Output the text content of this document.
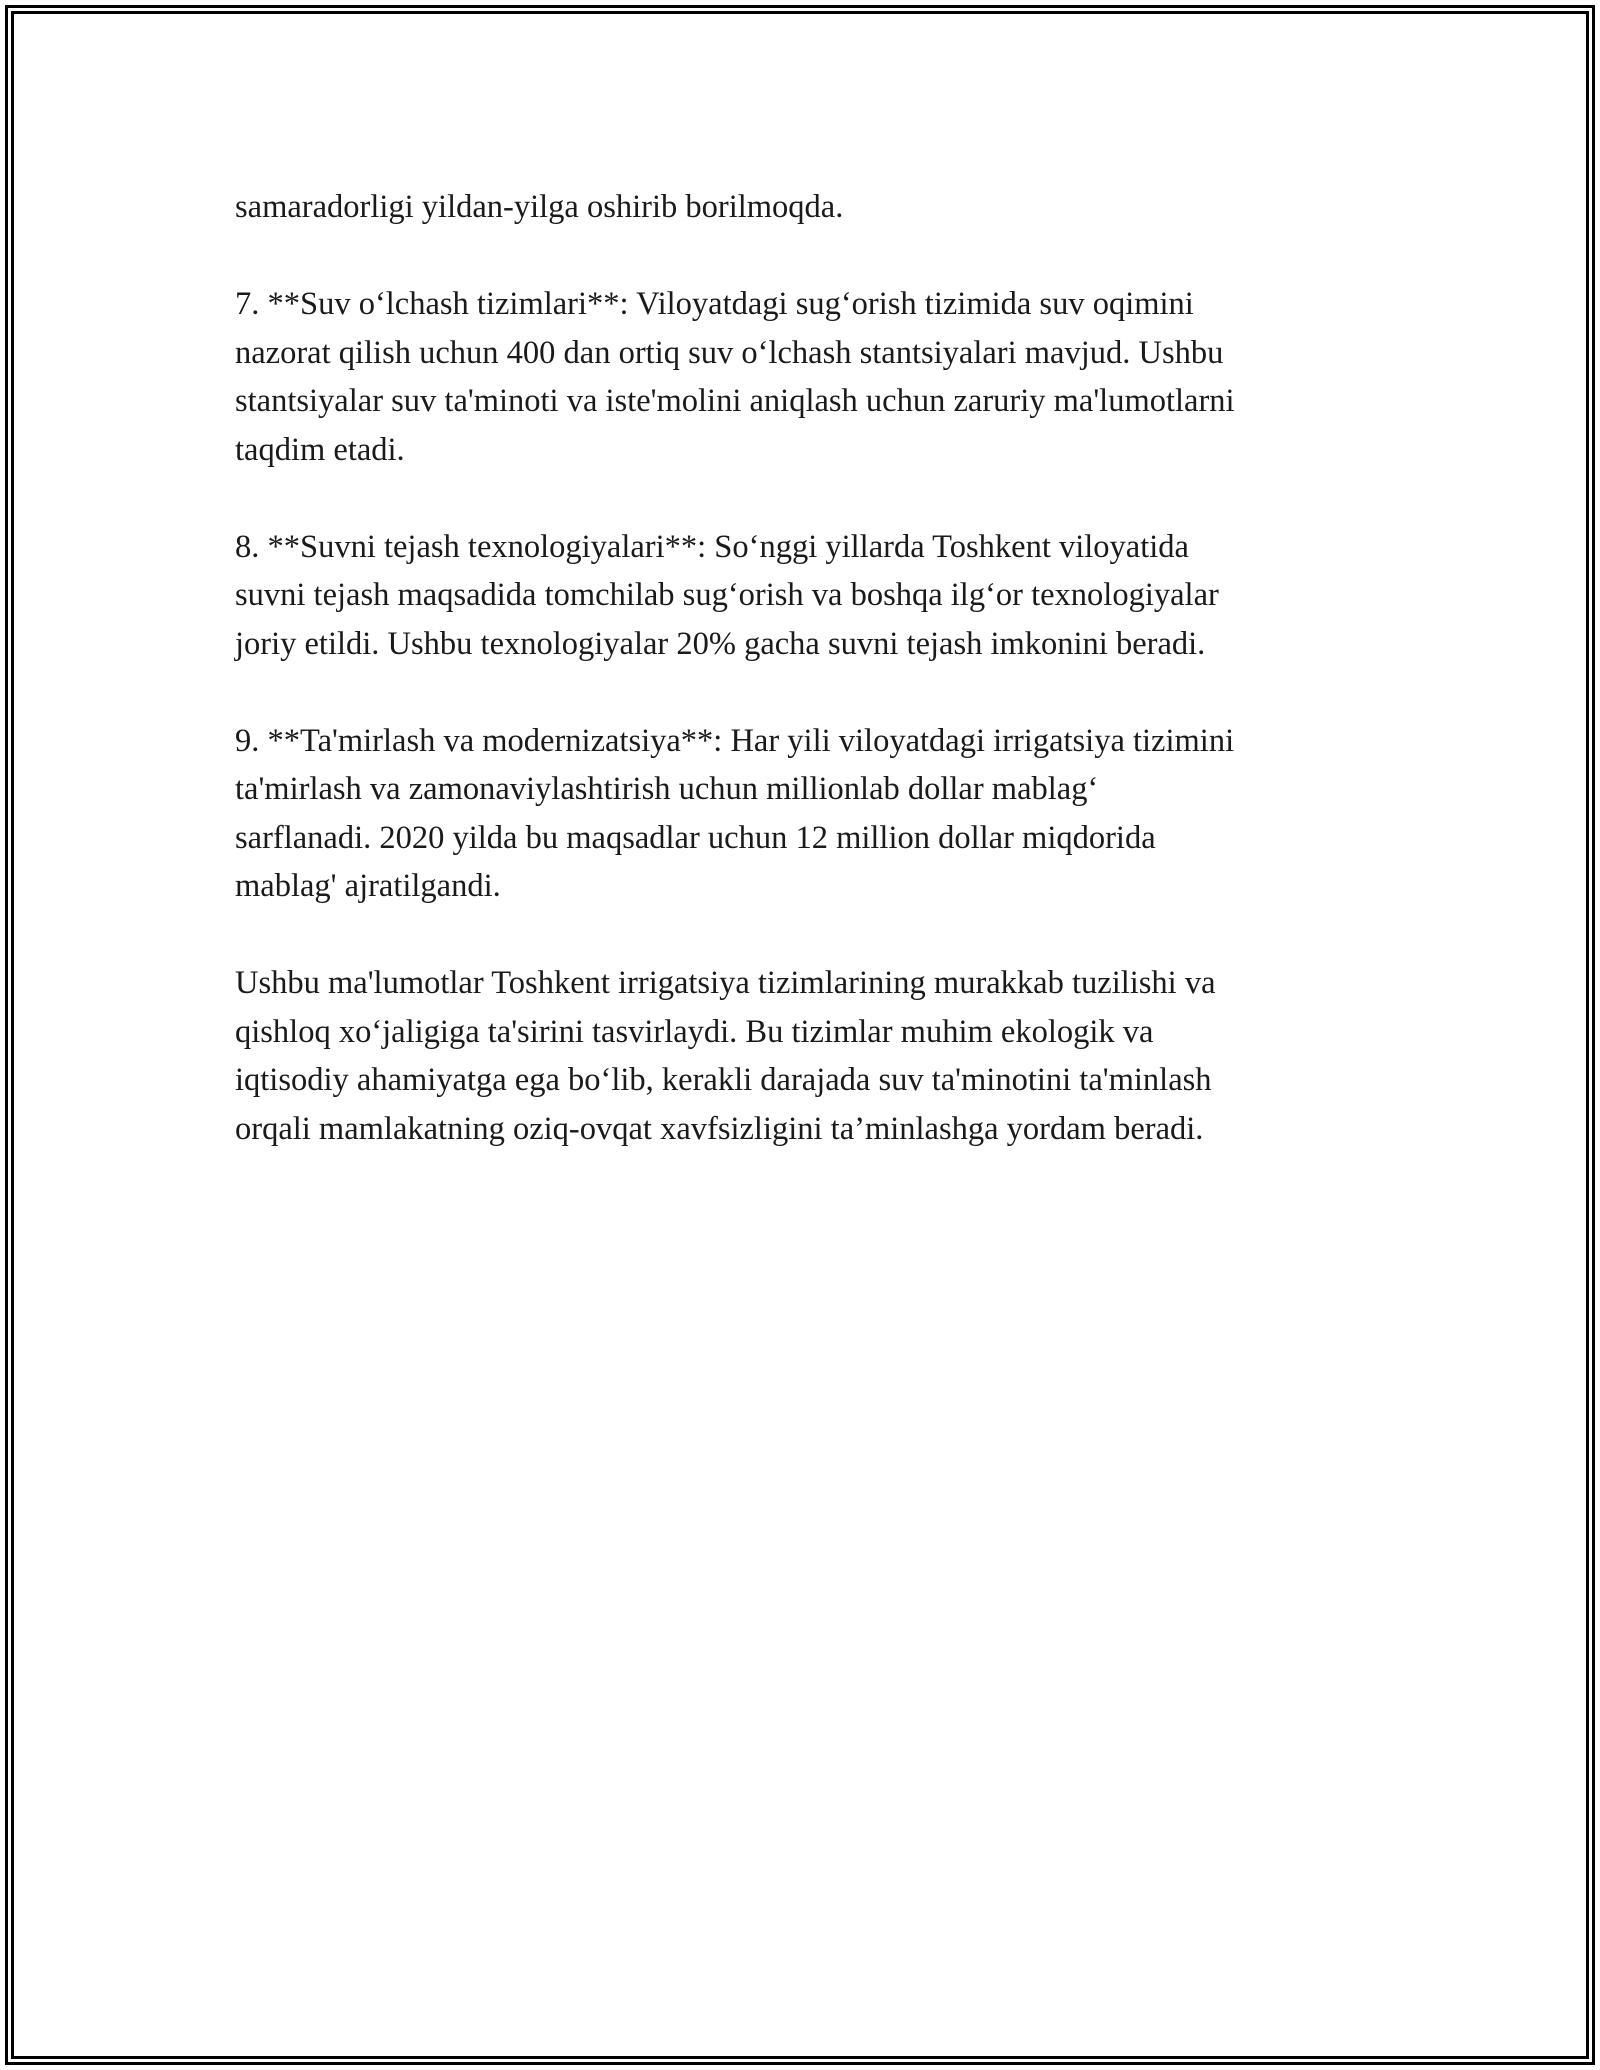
samaradorligi yildan-yilga oshirib borilmoqda.

7. **Suv o‘lchash tizimlari**: Viloyatdagi sug‘orish tizimida suv oqimini
nazorat qilish uchun 400 dan ortiq suv o‘lchash stantsiyalari mavjud. Ushbu
stantsiyalar suv ta'minoti va iste'molini aniqlash uchun zaruriy ma'lumotlarni
taqdim etadi.

8. **Suvni tejash texnologiyalari**: So‘nggi yillarda Toshkent viloyatida
suvni tejash maqsadida tomchilab sug‘orish va boshqa ilg‘or texnologiyalar
joriy etildi. Ushbu texnologiyalar 20% gacha suvni tejash imkonini beradi.

9. **Ta'mirlash va modernizatsiya**: Har yili viloyatdagi irrigatsiya tizimini
ta'mirlash va zamonaviylashtirish uchun millionlab dollar mablag‘
sarflanadi. 2020 yilda bu maqsadlar uchun 12 million dollar miqdorida
mablag' ajratilgandi.

Ushbu ma'lumotlar Toshkent irrigatsiya tizimlarining murakkab tuzilishi va
qishloq xo‘jaligiga ta'sirini tasvirlaydi. Bu tizimlar muhim ekologik va
iqtisodiy ahamiyatga ega bo‘lib, kerakli darajada suv ta'minotini ta'minlash
orqali mamlakatning oziq-ovqat xavfsizligini ta’minlashga yordam beradi.
